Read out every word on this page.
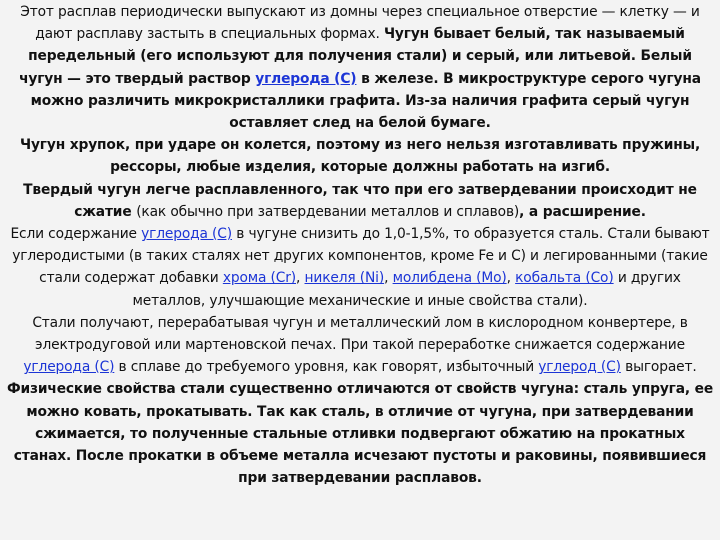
Этот расплав периодически выпускают из домны через специальное отверстие — клетку — и дают расплаву застыть в специальных формах. Чугун бывает белый, так называемый передельный (его используют для получения стали) и серый, или литьевой. Белый чугун — это твердый раствор углерода (С) в железе. В микроструктуре серого чугуна можно различить микрокристаллики графита. Из-за наличия графита серый чугун оставляет след на белой бумаге.

Чугун хрупок, при ударе он колется, поэтому из него нельзя изготавливать пружины, рессоры, любые изделия, которые должны работать на изгиб.

Твердый чугун легче расплавленного, так что при его затвердевании происходит не сжатие (как обычно при затвердевании металлов и сплавов), а расширение.

Если содержание углерода (С) в чугуне снизить до 1,0-1,5%, то образуется сталь. Стали бывают углеродистыми (в таких сталях нет других компонентов, кроме Fe и С) и легированными (такие стали содержат добавки хрома (Cr), никеля (Ni), молибдена (Mo), кобальта (Co) и других металлов, улучшающие механические и иные свойства стали).

Стали получают, перерабатывая чугун и металлический лом в кислородном конвертере, в электродуговой или мартеновской печах. При такой переработке снижается содержание углерода (С) в сплаве до требуемого уровня, как говорят, избыточный углерод (С) выгорает.

Физические свойства стали существенно отличаются от свойств чугуна: сталь упруга, ее можно ковать, прокатывать. Так как сталь, в отличие от чугуна, при затвердевании сжимается, то полученные стальные отливки подвергают обжатию на прокатных станах. После прокатки в объеме металла исчезают пустоты и раковины, появившиеся при затвердевании расплавов.
